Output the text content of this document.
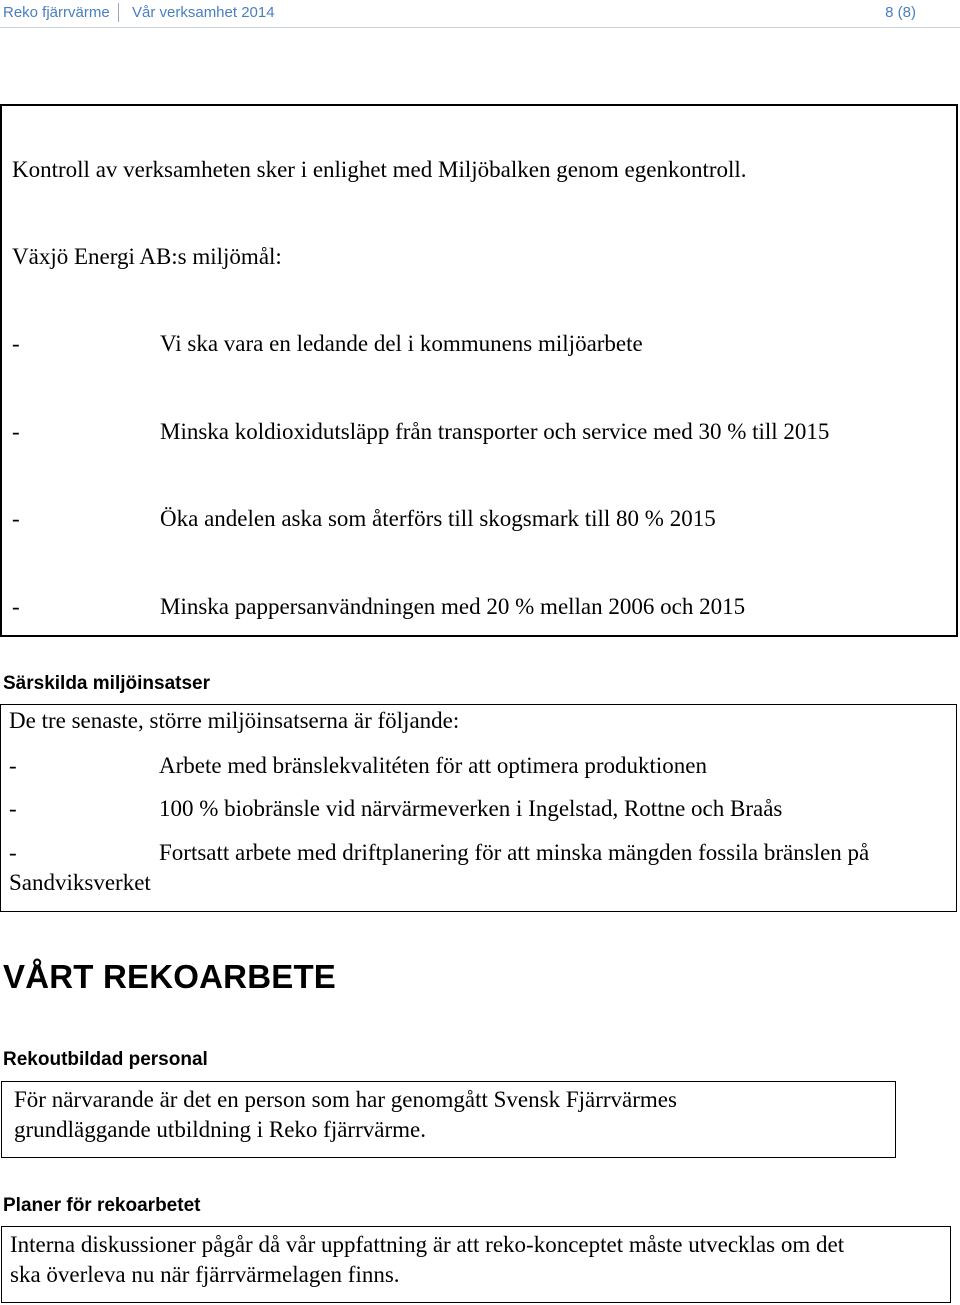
Reko fjärrvärme Vår verksamhet 2014	8 (8)
Kontroll av verksamheten sker i enlighet med Miljöbalken genom egenkontroll.
Växjö Energi AB:s miljömål:
-	Vi ska vara en ledande del i kommunens miljöarbete
-	Minska koldioxidutsläpp från transporter och service med 30 % till 2015
-	Öka andelen aska som återförs till skogsmark till 80 % 2015
-	Minska pappersanvändningen med 20 % mellan 2006 och 2015
Särskilda miljöinsatser
De tre senaste, större miljöinsatserna är följande:
-	Arbete med bränslekvalitéten för att optimera produktionen
-	100 % biobränsle vid närvärmeverken i Ingelstad, Rottne och Braås
-	Fortsatt arbete med driftplanering för att minska mängden fossila bränslen på
Sandviksverket
VÅRT REKOARBETE
Rekoutbildad personal
För närvarande är det en person som har genomgått Svensk Fjärrvärmes
grundläggande utbildning i Reko fjärrvärme.
Planer för rekoarbetet
Interna diskussioner pågår då vår uppfattning är att reko-konceptet måste utvecklas om det
ska överleva nu när fjärrvärmelagen finns.
